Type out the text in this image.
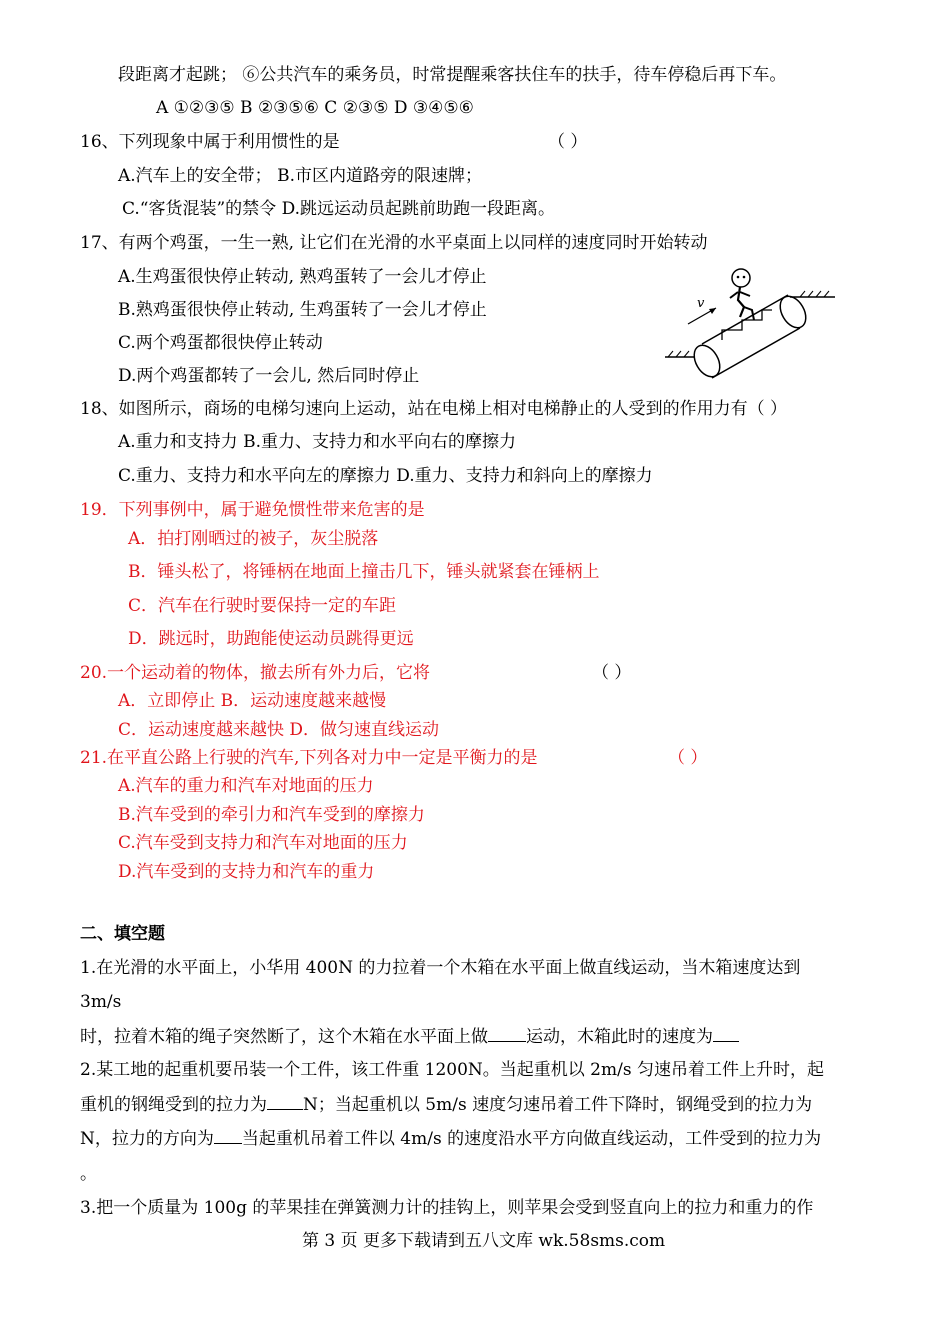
段距离才起跳； ⑥公共汽车的乘务员，时常提醒乘客扶住车的扶手，待车停稳后再下车。
A ①②③⑤ B ②③⑤⑥ C ②③⑤ D ③④⑤⑥
16、下列现象中属于利用惯性的是	（ ）
A.汽车上的安全带； B.市区内道路旁的限速牌；
C.“客货混装”的禁令 D.跳远运动员起跳前助跑一段距离。
17、有两个鸡蛋，一生一熟, 让它们在光滑的水平桌面上以同样的速度同时开始转动
A.生鸡蛋很快停止转动, 熟鸡蛋转了一会儿才停止
B.熟鸡蛋很快停止转动, 生鸡蛋转了一会儿才停止
C.两个鸡蛋都很快停止转动
D.两个鸡蛋都转了一会儿, 然后同时停止
v
18、如图所示，商场的电梯匀速向上运动，站在电梯上相对电梯静止的人受到的作用力有（ ）
A.重力和支持力 B.重力、支持力和水平向右的摩擦力
C.重力、支持力和水平向左的摩擦力 D.重力、支持力和斜向上的摩擦力
19．下列事例中，属于避免惯性带来危害的是
A．拍打刚晒过的被子，灰尘脱落
B．锤头松了，将锤柄在地面上撞击几下，锤头就紧套在锤柄上
C．汽车在行驶时要保持一定的车距
D．跳远时，助跑能使运动员跳得更远
20.一个运动着的物体，撤去所有外力后，它将	（ ）
A．立即停止 B．运动速度越来越慢
C．运动速度越来越快 D．做匀速直线运动
21.在平直公路上行驶的汽车,下列各对力中一定是平衡力的是	（ ）
A.汽车的重力和汽车对地面的压力
B.汽车受到的牵引力和汽车受到的摩擦力
C.汽车受到支持力和汽车对地面的压力
D.汽车受到的支持力和汽车的重力
二、填空题
1.在光滑的水平面上，小华用 400N 的力拉着一个木箱在水平面上做直线运动，当木箱速度达到
3m/s
时，拉着木箱的绳子突然断了，这个木箱在水平面上做 运动，木箱此时的速度为
2.某工地的起重机要吊装一个工件，该工件重 1200N。当起重机以 2m/s 匀速吊着工件上升时，起
重机的钢绳受到的拉力为 N；当起重机以 5m/s 速度匀速吊着工件下降时，钢绳受到的拉力为
N，拉力的方向为 当起重机吊着工件以 4m/s 的速度沿水平方向做直线运动，工件受到的拉力为
。
3.把一个质量为 100g 的苹果挂在弹簧测力计的挂钩上，则苹果会受到竖直向上的拉力和重力的作
第 3 页 更多下载请到五八文库 wk.58sms.com
